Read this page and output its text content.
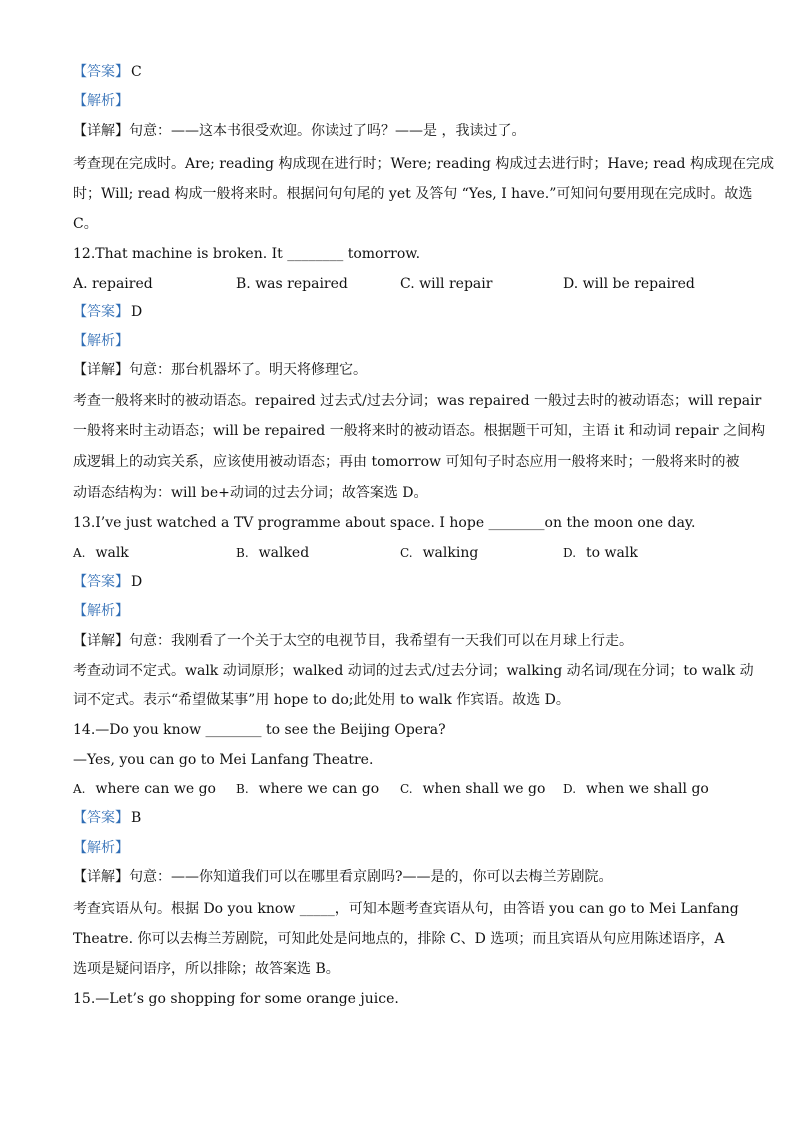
【答案】 C
【解析】
【详解】句意：——这本书很受欢迎。你读过了吗？——是 ，我读过了。
考查现在完成时。Are; reading 构成现在进行时；Were; reading 构成过去进行时；Have; read 构成现在完成
时；Will; read 构成一般将来时。根据问句句尾的 yet 及答句 “Yes, I have.”可知问句要用现在完成时。故选
C。
12.That machine is broken. It ________ tomorrow.
A. repaired	B. was repaired	C. will repair	D. will be repaired
【答案】 D
【解析】
【详解】句意：那台机器坏了。明天将修理它。
考查一般将来时的被动语态。repaired 过去式/过去分词；was repaired 一般过去时的被动语态；will repair
一般将来时主动语态；will be repaired 一般将来时的被动语态。根据题干可知，主语 it 和动词 repair 之间构
成逻辑上的动宾关系，应该使用被动语态；再由 tomorrow 可知句子时态应用一般将来时；一般将来时的被
动语态结构为：will be+动词的过去分词；故答案选 D。
13.I’ve just watched a TV programme about space. I hope ________on the moon one day.
A. walk	B. walked	C. walking	D. to walk
【答案】 D
【解析】
【详解】句意：我刚看了一个关于太空的电视节目，我希望有一天我们可以在月球上行走。
考查动词不定式。walk 动词原形；walked 动词的过去式/过去分词；walking 动名词/现在分词；to walk 动
词不定式。表示“希望做某事”用 hope to do;此处用 to walk 作宾语。故选 D。
14.—Do you know ________ to see the Beijing Opera?
—Yes, you can go to Mei Lanfang Theatre.
A. where can we go B. where we can go C. when shall we go D. when we shall go
【答案】 B
【解析】
【详解】句意：——你知道我们可以在哪里看京剧吗?——是的，你可以去梅兰芳剧院。
考查宾语从句。根据 Do you know _____，可知本题考查宾语从句，由答语 you can go to Mei Lanfang
Theatre. 你可以去梅兰芳剧院，可知此处是问地点的，排除 C、D 选项；而且宾语从句应用陈述语序，A
选项是疑问语序，所以排除；故答案选 B。
15.—Let’s go shopping for some orange juice.
